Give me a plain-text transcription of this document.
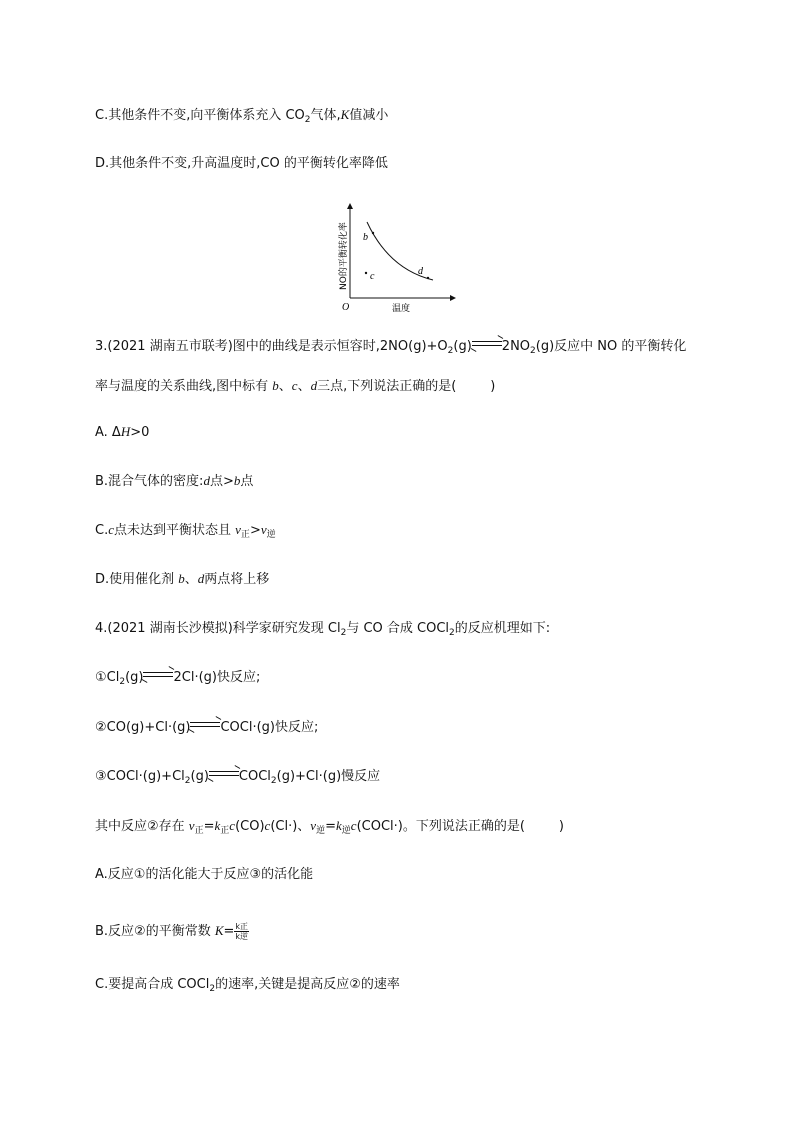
C.其他条件不变,向平衡体系充入 $CO_2$气体,K值减小
D.其他条件不变,升高温度时,CO 的平衡转化率降低
b
c	d
O	温度
NO的平衡转化率
3.(2021 湖南五市联考)图中的曲线是表示恒容时$,2NO(g)+O_2(g)$ $2NO_2(g)$反应中 NO 的平衡转化
率与温度的关系曲线,图中标有 b、c、d三点,下列说法正确的是(	)
A. ΔH>0
B.混合气体的密度:d点>b点
C.c点未达到平衡状态且 $v_正>v_逆$
D.使用催化剂 b、d两点将上移
4.(2021 湖南长沙模拟)科学家研究发现 $Cl_2$与 CO 合成 COCl$_2$的反应机理如下:
$①Cl_2(g)$ 2Cl·(g)快反应;
②CO(g)+Cl·(g) COCl·(g)快反应;
$③COCl\cdot(g)+Cl_2(g)$ COCl$_2$(g)+Cl·(g)慢反应
其中反应②存在 $v_正=k_正c(CO)c(Cl\cdot)$、$v_逆=k_逆c(COCl\cdot)$。下列说法正确的是(	)
A.反应①的活化能大于反应③的活化能
B.反应②的平衡常数 $K= \frac{\text{k正}}{\text{k逆}}$
C.要提高合成 COCl$_2$的速率,关键是提高反应②的速率
